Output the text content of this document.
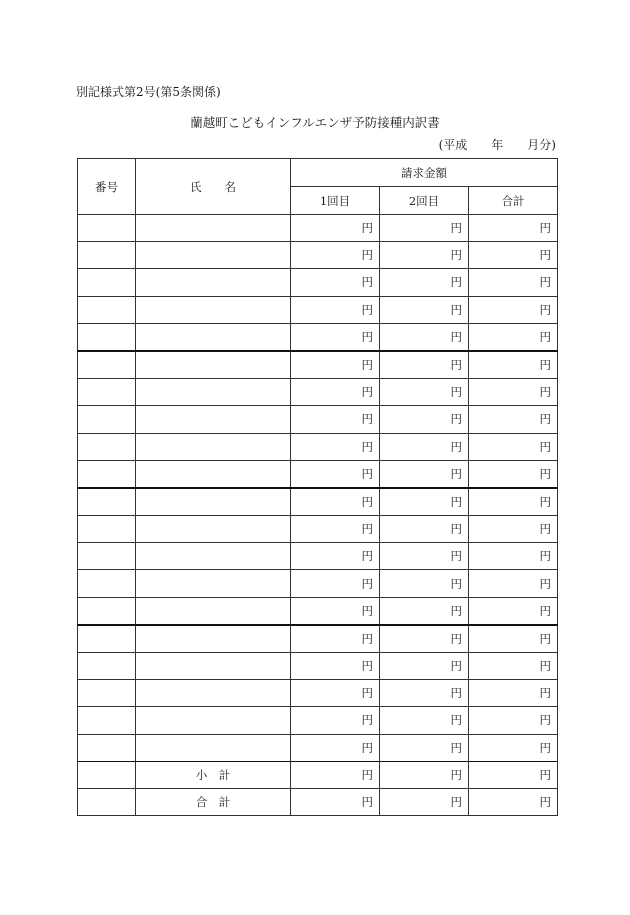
別記様式第2号(第5条関係)
蘭越町こどもインフルエンザ予防接種内訳書
(平成　　年　　月分)
番号	氏　　名	請求金額		
		1回目	2回目	合計
		円	円	円
		円	円	円
		円	円	円
		円	円	円
		円	円	円
		円	円	円
		円	円	円
		円	円	円
		円	円	円
		円	円	円
		円	円	円
		円	円	円
		円	円	円
		円	円	円
		円	円	円
		円	円	円
		円	円	円
		円	円	円
		円	円	円
		円	円	円
	小　計	円	円	円
	合　計	円	円	円
